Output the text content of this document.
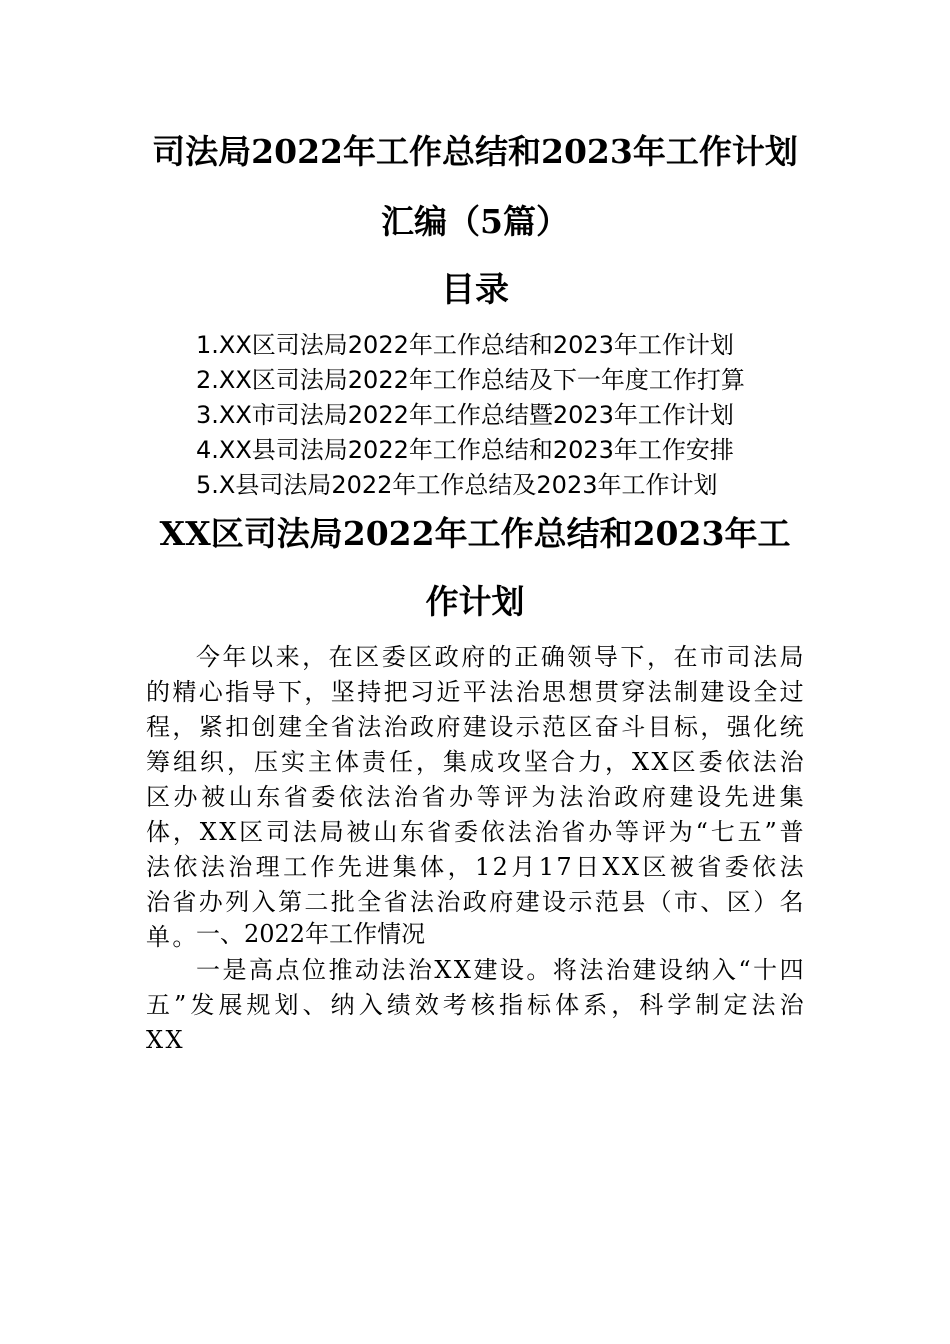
司法局2022年工作总结和2023年工作计划
汇编（5篇）
目录
1.XX区司法局2022年工作总结和2023年工作计划
2.XX区司法局2022年工作总结及下一年度工作打算
3.XX市司法局2022年工作总结暨2023年工作计划
4.XX县司法局2022年工作总结和2023年工作安排
5.X县司法局2022年工作总结及2023年工作计划
XX区司法局2022年工作总结和2023年工
作计划

今年以来，在区委区政府的正确领导下，在市司法局的精心指导下，坚持把习近平法治思想贯穿法制建设全过程，紧扣创建全省法治政府建设示范区奋斗目标，强化统筹组织，压实主体责任，集成攻坚合力，XX区委依法治区办被山东省委依法治省办等评为法治政府建设先进集体，XX区司法局被山东省委依法治省办等评为“七五”普法依法治理工作先进集体，12月17日XX区被省委依法治省办列入第二批全省法治政府建设示范县（市、区）名单。

一、2022年工作情况

一是高点位推动法治XX建设。将法治建设纳入“十四五”发展规划、纳入绩效考核指标体系，科学制定法治XX
